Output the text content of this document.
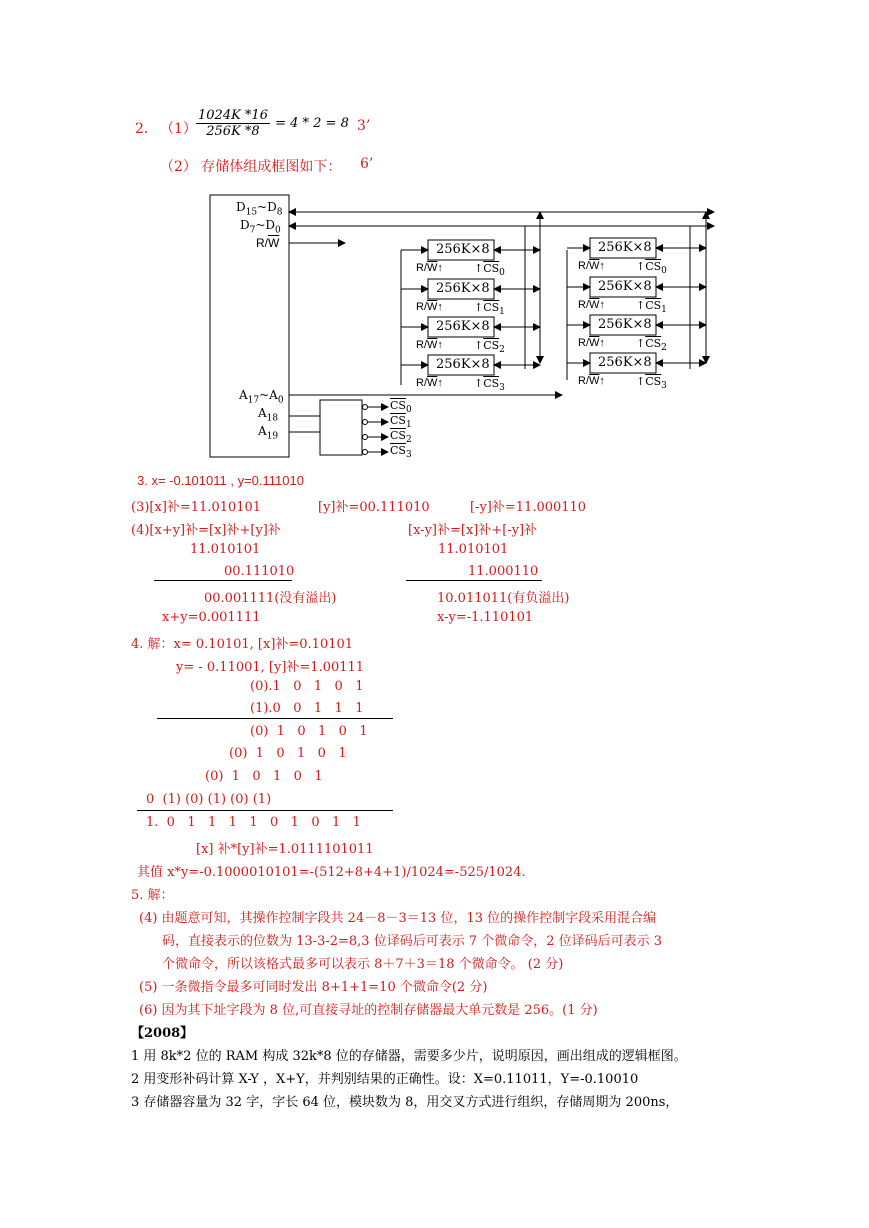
2． $(1) \frac{1024K *16}{256K *8} = 4 * 2 = 8$ 3’
（2） 存储体组成框图如下： 6’
$D_{15}\sim D_8$
$D_7\sim D_0$
$R/\overline{W}$
$A_{17}\sim A_0$
$A_{18}$
$A_{19}$
256K×8
$R/\overline{W}↑$	$↑\overline{CS}_0$
256K×8
$R/\overline{W}↑$	$↑\overline{CS}_1$
256K×8
$R/\overline{W}↑$	$↑\overline{CS}_2$
256K×8
$R/\overline{W}↑$	$↑\overline{CS}_3$
256K×8
$R/\overline{W}↑$	$↑\overline{CS}_0$
256K×8
$R/\overline{W}↑$	$↑\overline{CS}_1$
256K×8
$R/\overline{W}↑$	$↑\overline{CS}_2$
256K×8
$R/\overline{W}↑$	$↑\overline{CS}_3$
$\overline{CS}_0$
$\overline{CS}_1$
$\overline{CS}_2$
$\overline{CS}_3$
3. x= -0.101011 , y=0.111010
(3)[x]补=11.010101	[y]补=00.111010	[-y]补=11.000110
(4)[x+y]补=[x]补+[y]补	[x-y]补=[x]补+[-y]补
11.010101
00.111010
00.001111(没有溢出)
x+y=0.001111
11.010101
11.000110
10.011011(有负溢出)
x-y=-1.110101
4. 解：x= 0.10101, [x]补=0.10101
y= - 0.11001, [y]补=1.00111
(0).1   0   1   0   1
(1).0   0   1   1   1
(0)  1   0   1   0   1
(0)  1   0   1   0   1
(0)  1   0   1   0   1
0  (1) (0) (1) (0) (1)
1.  0   1   1   1   1   0   1   0   1   1
[x] 补*[y]补=1.0111101011
其值 x*y=-0.1000010101=-(512+8+4+1)/1024=-525/1024.
5. 解：
(4) 由题意可知，其操作控制字段共 24－8－3＝13 位，13 位的操作控制字段采用混合编
码，直接表示的位数为 13-3-2=8,3 位译码后可表示 7 个微命令，2 位译码后可表示 3
个微命令，所以该格式最多可以表示 8＋7＋3＝18 个微命令。 (2 分)
(5) 一条微指令最多可同时发出 8+1+1=10 个微命令(2 分)
(6) 因为其下址字段为 8 位,可直接寻址的控制存储器最大单元数是 256。(1 分)
【2008】
1 用 8k*2 位的 RAM 构成 32k*8 位的存储器，需要多少片，说明原因，画出组成的逻辑框图。
2 用变形补码计算 X-Y ，X+Y，并判别结果的正确性。设：X=0.11011，Y=-0.10010
3 存储器容量为 32 字，字长 64 位，模块数为 8，用交叉方式进行组织，存储周期为 200ns，
